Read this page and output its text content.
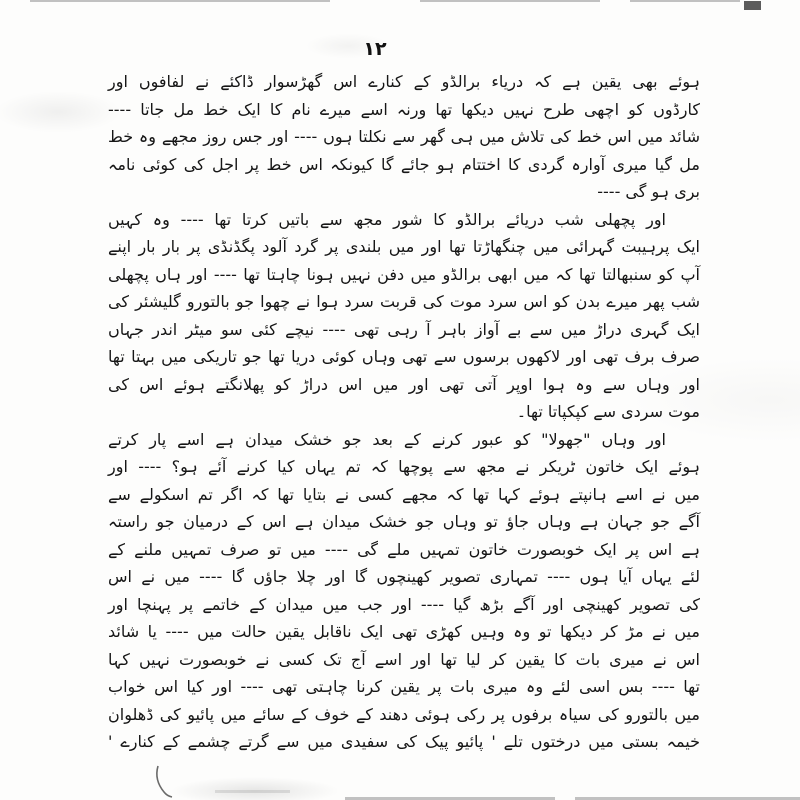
۱۲
ہوئے بھی یقین ہے کہ دریاء برالڈو کے کنارے اس گھڑسوار ڈاکئے نے لفافوں اور
کارڈوں کو اچھی طرح نہیں دیکھا تھا ورنہ اسے میرے نام کا ایک خط مل جاتا ----
شائد میں اس خط کی تلاش میں ہی گھر سے نکلتا ہوں ---- اور جس روز مجھے وہ خط
مل گیا میری آوارہ گردی کا اختتام ہو جائے گا کیونکہ اس خط پر اجل کی کوئی نامہ
بری ہو گی ----
اور پچھلی شب دریائے برالڈو کا شور مجھ سے باتیں کرتا تھا ---- وہ کہیں
ایک پرہیبت گہرائی میں چنگھاڑتا تھا اور میں بلندی پر گرد آلود پگڈنڈی پر بار بار اپنے
آپ کو سنبھالتا تھا کہ میں ابھی برالڈو میں دفن نہیں ہونا چاہتا تھا ---- اور ہاں پچھلی
شب پھر میرے بدن کو اس سرد موت کی قربت سرد ہوا نے چھوا جو بالتورو گلیشئر کی
ایک گہری دراڑ میں سے بے آواز باہر آ رہی تھی ---- نیچے کئی سو میٹر اندر جہاں
صرف برف تھی اور لاکھوں برسوں سے تھی وہاں کوئی دریا تھا جو تاریکی میں بہتا تھا
اور وہاں سے وہ ہوا اوپر آتی تھی اور میں اس دراڑ کو پھلانگتے ہوئے اس کی
موت سردی سے کپکپاتا تھا۔
اور وہاں "جھولا" کو عبور کرنے کے بعد جو خشک میدان ہے اسے پار کرتے
ہوئے ایک خاتون ٹریکر نے مجھ سے پوچھا کہ تم یہاں کیا کرنے آئے ہو؟ ---- اور
میں نے اسے ہانپتے ہوئے کہا تھا کہ مجھے کسی نے بتایا تھا کہ اگر تم اسکولے سے
آگے جو جہان ہے وہاں جاؤ تو وہاں جو خشک میدان ہے اس کے درمیان جو راستہ
ہے اس پر ایک خوبصورت خاتون تمہیں ملے گی ---- میں تو صرف تمہیں ملنے کے
لئے یہاں آیا ہوں ---- تمہاری تصویر کھینچوں گا اور چلا جاؤں گا ---- میں نے اس
کی تصویر کھینچی اور آگے بڑھ گیا ---- اور جب میں میدان کے خاتمے پر پہنچا اور
میں نے مڑ کر دیکھا تو وہ وہیں کھڑی تھی ایک ناقابل یقین حالت میں ---- یا شائد
اس نے میری بات کا یقین کر لیا تھا اور اسے آج تک کسی نے خوبصورت نہیں کہا
تھا ---- بس اسی لئے وہ میری بات پر یقین کرنا چاہتی تھی ---- اور کیا اس خواب
میں بالتورو کی سیاہ برفوں پر رکی ہوئی دھند کے خوف کے سائے میں پائیو کی ڈھلوان
خیمہ بستی میں درختوں تلے ' پائیو پیک کی سفیدی میں سے گرتے چشمے کے کنارے '
